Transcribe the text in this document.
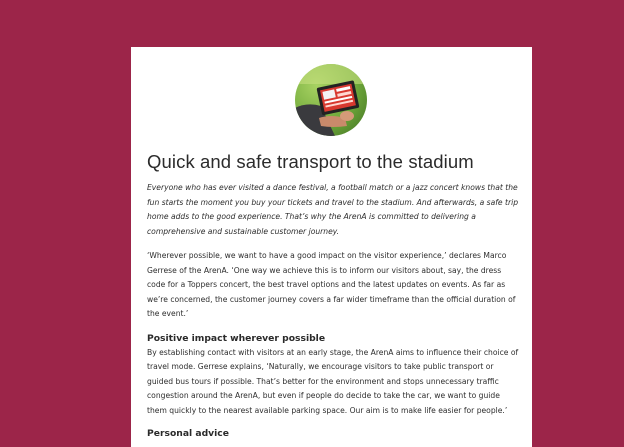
Quick and safe transport to the stadium

Everyone who has ever visited a dance festival, a football match or a jazz concert knows that the fun starts the moment you buy your tickets and travel to the stadium. And afterwards, a safe trip home adds to the good experience. That’s why the ArenA is committed to delivering a comprehensive and sustainable customer journey.

‘Wherever possible, we want to have a good impact on the visitor experience,’ declares Marco Gerrese of the ArenA. ‘One way we achieve this is to inform our visitors about, say, the dress code for a Toppers concert, the best travel options and the latest updates on events. As far as we’re concerned, the customer journey covers a far wider timeframe than the official duration of the event.’

Positive impact wherever possible

By establishing contact with visitors at an early stage, the ArenA aims to influence their choice of travel mode. Gerrese explains, ‘Naturally, we encourage visitors to take public transport or guided bus tours if possible. That’s better for the environment and stops unnecessary traffic congestion around the ArenA, but even if people do decide to take the car, we want to guide them quickly to the nearest available parking space. Our aim is to make life easier for people.’

Personal advice
